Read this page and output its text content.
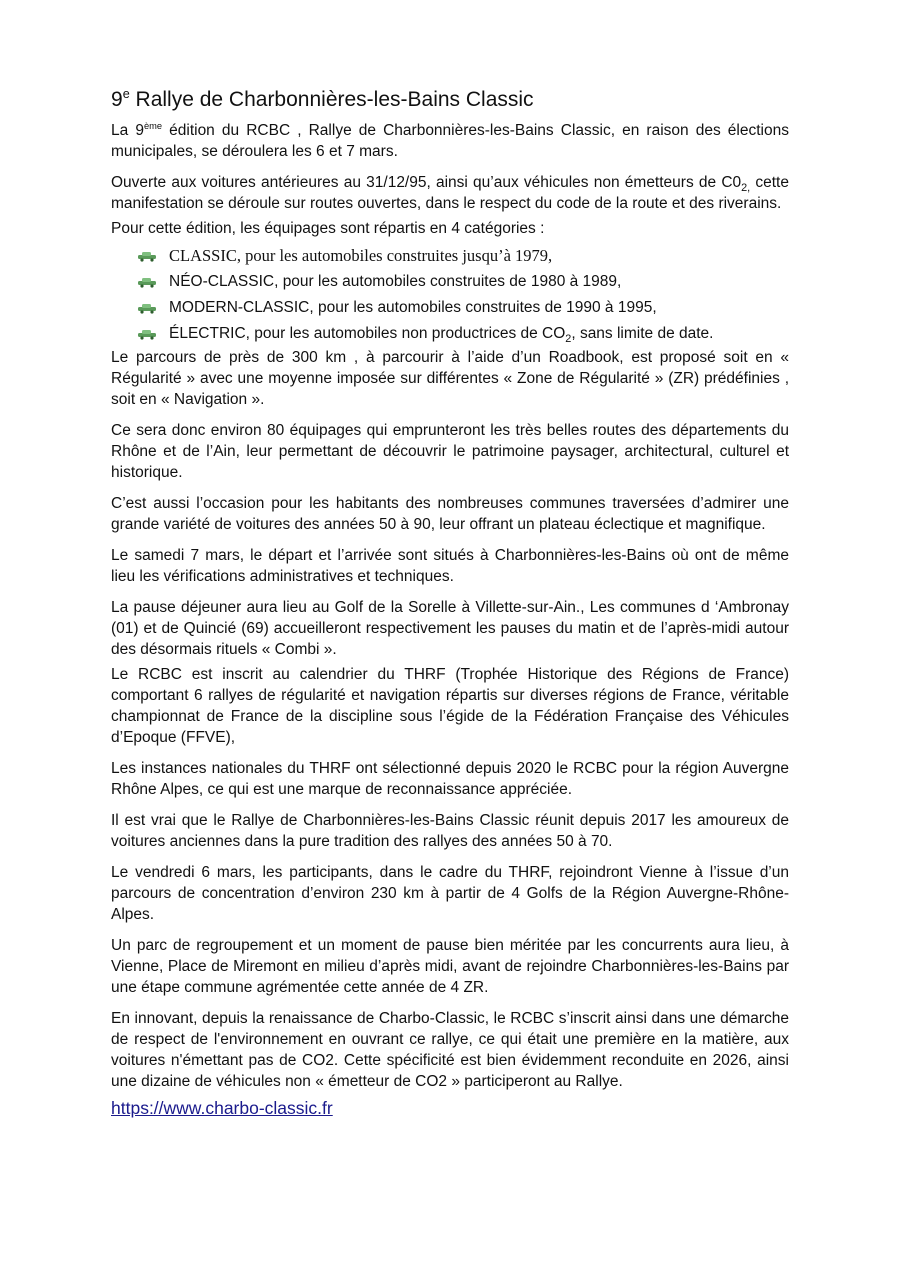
9e Rallye de Charbonnières-les-Bains Classic

La 9ème édition du RCBC , Rallye de Charbonnières-les-Bains Classic, en raison des élections municipales, se déroulera les 6 et 7 mars.

Ouverte aux voitures antérieures au 31/12/95, ainsi qu’aux véhicules non émetteurs de $C0_{2,}$ cette manifestation se déroule sur routes ouvertes, dans le respect du code de la route et des riverains.

Pour cette édition, les équipages sont répartis en 4 catégories :

CLASSIC, pour les automobiles construites jusqu’à 1979,
NÉO-CLASSIC, pour les automobiles construites de 1980 à 1989,
MODERN-CLASSIC, pour les automobiles construites de 1990 à 1995,
ÉLECTRIC, pour les automobiles non productrices de $CO_2$, sans limite de date.

Le parcours de près de 300 km , à parcourir à l’aide d’un Roadbook, est proposé soit en « Régularité » avec une moyenne imposée sur différentes « Zone de Régularité » (ZR) prédéfinies , soit en « Navigation ».

Ce sera donc environ 80 équipages qui emprunteront les très belles routes des départements du Rhône et de l’Ain, leur permettant de découvrir le patrimoine paysager, architectural, culturel et historique.

C’est aussi l’occasion pour les habitants des nombreuses communes traversées d’admirer une grande variété de voitures des années 50 à 90, leur offrant un plateau éclectique et magnifique.

Le samedi 7 mars, le départ et l’arrivée sont situés à Charbonnières-les-Bains où ont de même lieu les vérifications administratives et techniques.

La pause déjeuner aura lieu au Golf de la Sorelle à Villette-sur-Ain., Les communes d ‘Ambronay (01) et de Quincié (69) accueilleront respectivement les pauses du matin et de l’après-midi autour des désormais rituels « Combi ».

Le RCBC est inscrit au calendrier du THRF (Trophée Historique des Régions de France) comportant 6 rallyes de régularité et navigation répartis sur diverses régions de France, véritable championnat de France de la discipline sous l’égide de la Fédération Française des Véhicules d’Epoque (FFVE),

Les instances nationales du THRF ont sélectionné depuis 2020 le RCBC pour la région Auvergne Rhône Alpes, ce qui est une marque de reconnaissance appréciée.

Il est vrai que le Rallye de Charbonnières-les-Bains Classic réunit depuis 2017 les amoureux de voitures anciennes dans la pure tradition des rallyes des années 50 à 70.

Le vendredi 6 mars, les participants, dans le cadre du THRF, rejoindront Vienne à l’issue d’un parcours de concentration d’environ 230 km à partir de 4 Golfs de la Région Auvergne-Rhône-Alpes.

Un parc de regroupement et un moment de pause bien méritée par les concurrents aura lieu, à Vienne, Place de Miremont en milieu d’après midi, avant de rejoindre Charbonnières-les-Bains par une étape commune agrémentée cette année de 4 ZR.

En innovant, depuis la renaissance de Charbo-Classic, le RCBC s’inscrit ainsi dans une démarche de respect de l'environnement en ouvrant ce rallye, ce qui était une première en la matière, aux voitures n'émettant pas de CO2. Cette spécificité est bien évidemment reconduite en 2026, ainsi une dizaine de véhicules non « émetteur de CO2 » participeront au Rallye.

https://www.charbo-classic.fr
